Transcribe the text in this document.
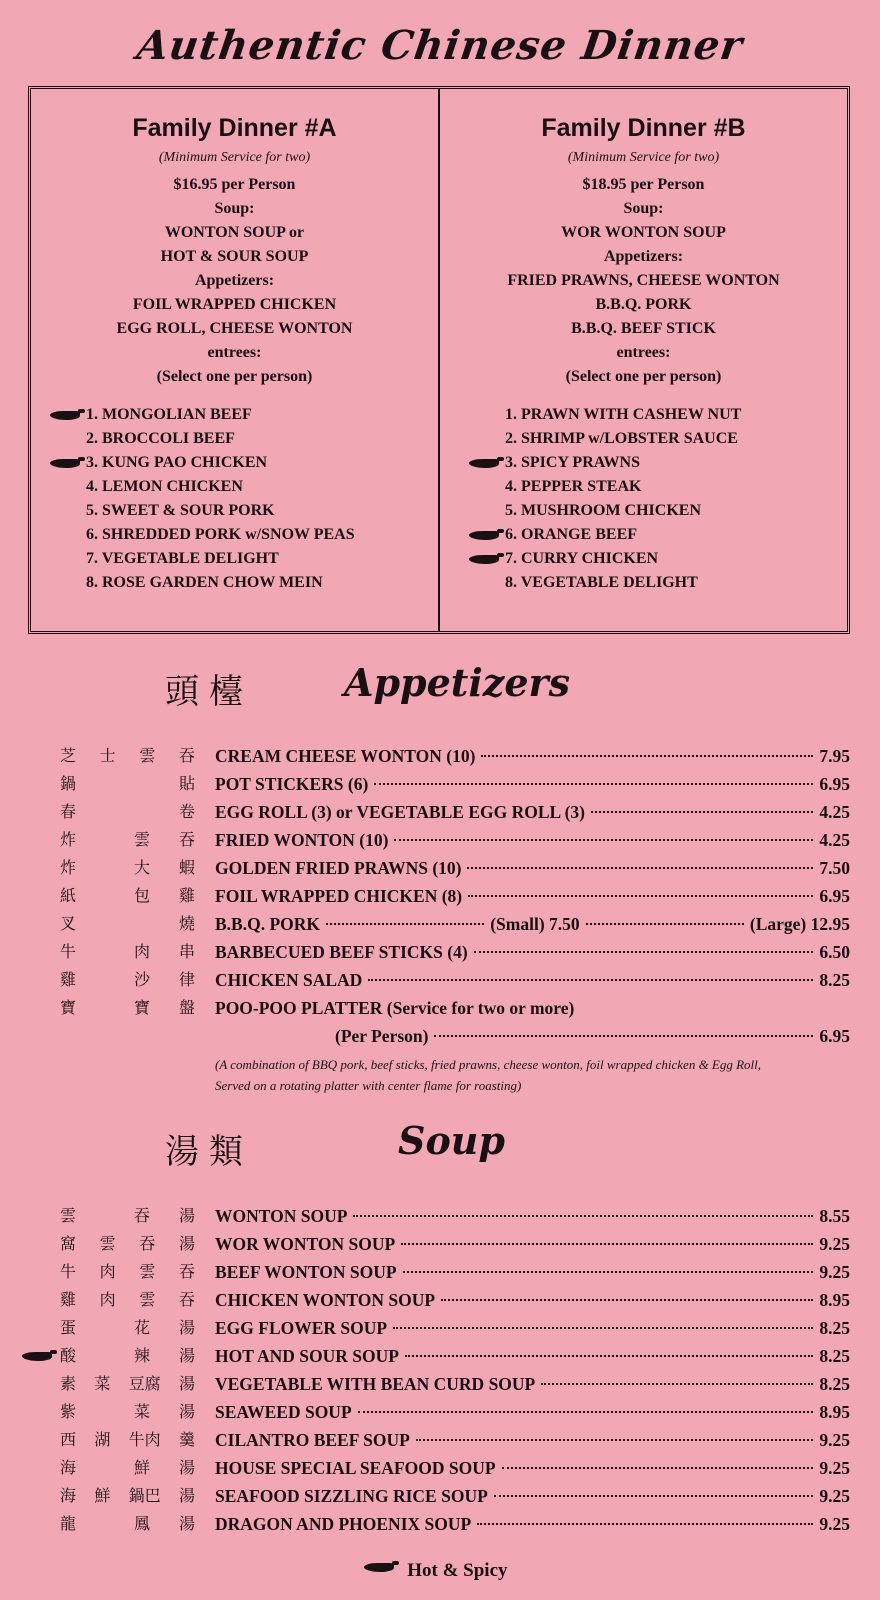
Authentic Chinese Dinner
Family Dinner #A
(Minimum Service for two)
$16.95 per Person
Soup:
WONTON SOUP or
HOT & SOUR SOUP
Appetizers:
FOIL WRAPPED CHICKEN
EGG ROLL, CHEESE WONTON
entrees:
(Select one per person)
1. MONGOLIAN BEEF
2. BROCCOLI BEEF
3. KUNG PAO CHICKEN
4. LEMON CHICKEN
5. SWEET & SOUR PORK
6. SHREDDED PORK w/SNOW PEAS
7. VEGETABLE DELIGHT
8. ROSE GARDEN CHOW MEIN
Family Dinner #B
(Minimum Service for two)
$18.95 per Person
Soup:
WOR WONTON SOUP
Appetizers:
FRIED PRAWNS, CHEESE WONTON
B.B.Q. PORK
B.B.Q. BEEF STICK
entrees:
(Select one per person)
1. PRAWN WITH CASHEW NUT
2. SHRIMP w/LOBSTER SAUCE
3. SPICY PRAWNS
4. PEPPER STEAK
5. MUSHROOM CHICKEN
6. ORANGE BEEF
7. CURRY CHICKEN
8. VEGETABLE DELIGHT
頭檯 Appetizers
芝 士 雲 吞 CREAM CHEESE WONTON (10)	7.95
鍋	貼 POT STICKERS (6)	6.95
春	卷 EGG ROLL (3) or VEGETABLE EGG ROLL (3)	4.25
炸	雲 吞 FRIED WONTON (10)	4.25
炸	大 蝦 GOLDEN FRIED PRAWNS (10)	7.50
紙	包 雞 FOIL WRAPPED CHICKEN (8)	6.95
叉	燒 B.B.Q. PORK	(Small) 7.50	(Large) 12.95
牛	肉 串 BARBECUED BEEF STICKS (4)	6.50
雞	沙 律 CHICKEN SALAD	8.25
寶	寶 盤 POO-POO PLATTER (Service for two or more)
(Per Person)	6.95
(A combination of BBQ pork, beef sticks, fried prawns, cheese wonton, foil wrapped chicken & Egg Roll, Served on a rotating platter with center flame for roasting)
湯類	Soup
雲	吞 湯 WONTON SOUP	8.55
窩 雲 吞 湯 WOR WONTON SOUP	9.25
牛 肉 雲 吞 BEEF WONTON SOUP	9.25
雞 肉 雲 吞 CHICKEN WONTON SOUP	8.95
蛋	花 湯 EGG FLOWER SOUP	8.25
酸	辣 湯 HOT AND SOUR SOUP	8.25
素 菜 豆腐 湯 VEGETABLE WITH BEAN CURD SOUP	8.25
紫	菜 湯 SEAWEED SOUP	8.95
西 湖 牛肉 羹 CILANTRO BEEF SOUP	9.25
海	鮮 湯 HOUSE SPECIAL SEAFOOD SOUP	9.25
海 鮮 鍋巴 湯 SEAFOOD SIZZLING RICE SOUP	9.25
龍	鳳 湯 DRAGON AND PHOENIX SOUP	9.25
Hot & Spicy
